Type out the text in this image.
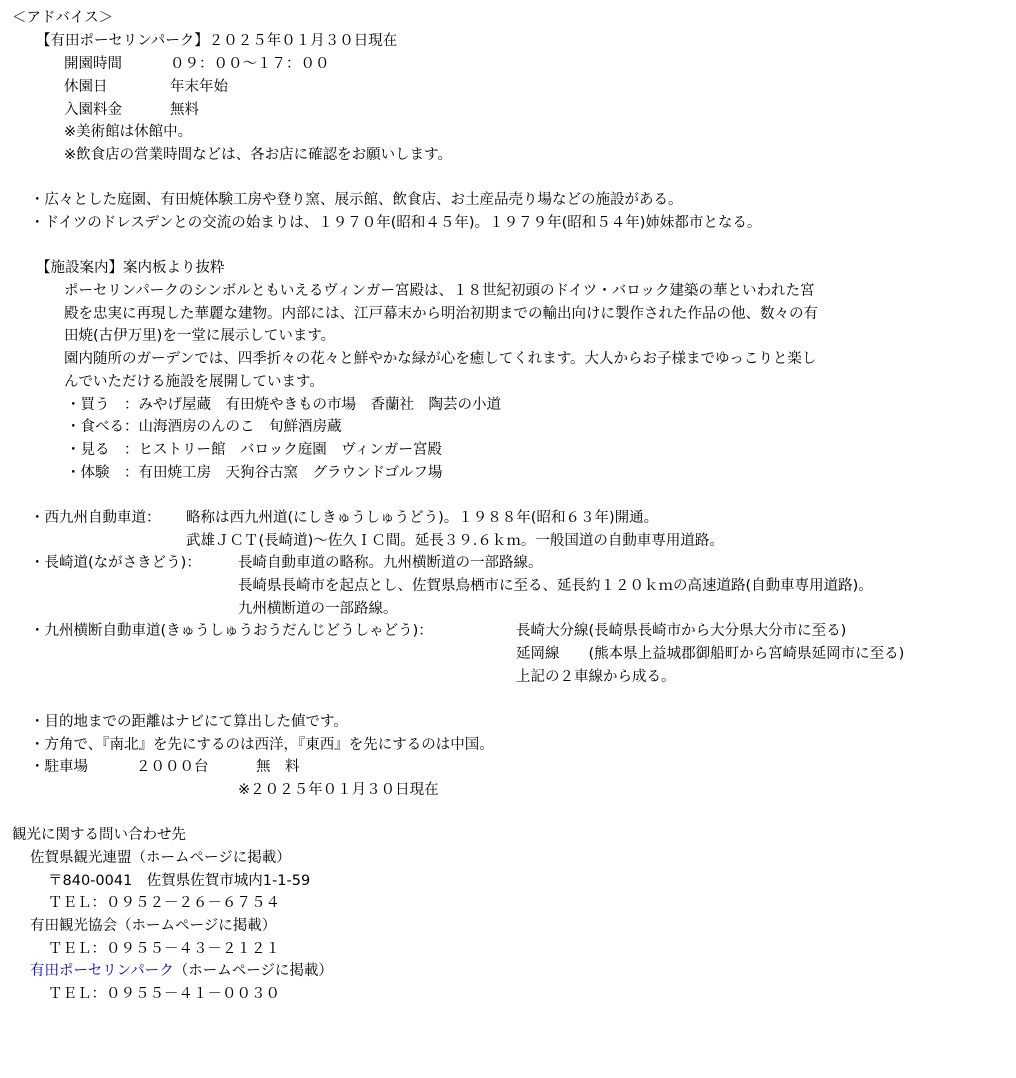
＜アドバイス＞
【有田ポーセリンパーク】２０２５年０１月３０日現在
開園時間	０９：００～１７：００
休園日	年末年始
入園料金	無料
※美術館は休館中。
※飲食店の営業時間などは、各お店に確認をお願いします。
・広々とした庭園、有田焼体験工房や登り窯、展示館、飲食店、お土産品売り場などの施設がある。
・ドイツのドレスデンとの交流の始まりは、１９７０年(昭和４５年)。１９７９年(昭和５４年)姉妹都市となる。
【施設案内】案内板より抜粋
ポーセリンパークのシンボルともいえるヴィンガー宮殿は、１８世紀初頭のドイツ・バロック建築の華といわれた宮
殿を忠実に再現した華麗な建物。内部には、江戸幕末から明治初期までの輸出向けに製作された作品の他、数々の有
田焼(古伊万里)を一堂に展示しています。
園内随所のガーデンでは、四季折々の花々と鮮やかな緑が心を癒してくれます。大人からお子様までゆっこりと楽し
んでいただける施設を展開しています。
・買う　：みやげ屋蔵　有田焼やきもの市場　香蘭社　陶芸の小道
・食べる：山海酒房のんのこ　旬鮮酒房蔵
・見る　：ヒストリー館　バロック庭園　ヴィンガー宮殿
・体験　：有田焼工房　天狗谷古窯　グラウンドゴルフ場
・西九州自動車道： 略称は西九州道(にしきゅうしゅうどう)。１９８８年(昭和６３年)開通。
武雄ＪＣＴ(長崎道)～佐久ＩＣ間。延長３９.６ｋｍ。一般国道の自動車専用道路。
・長崎道(ながさきどう)：	長崎自動車道の略称。九州横断道の一部路線。
長崎県長崎市を起点とし、佐賀県鳥栖市に至る、延長約１２０ｋｍの高速道路(自動車専用道路)。
九州横断道の一部路線。
・九州横断自動車道(きゅうしゅうおうだんじどうしゃどう)：	長崎大分線(長崎県長崎市から大分県大分市に至る)
延岡線　　(熊本県上益城郡御船町から宮崎県延岡市に至る)
上記の２車線から成る。
・目的地までの距離はナビにて算出した値です。
・方角で、『南北』を先にするのは西洋，『東西』を先にするのは中国。
・駐車場	２０００台	無　料
※２０２５年０１月３０日現在
観光に関する問い合わせ先
佐賀県観光連盟（ホームページに掲載）
〒840-0041　佐賀県佐賀市城内1-1-59
ＴＥＬ：０９５２－２６－６７５４
有田観光協会（ホームページに掲載）
ＴＥＬ：０９５５－４３－２１２１
有田ポーセリンパーク（ホームページに掲載）
ＴＥＬ：０９５５－４１－００３０
